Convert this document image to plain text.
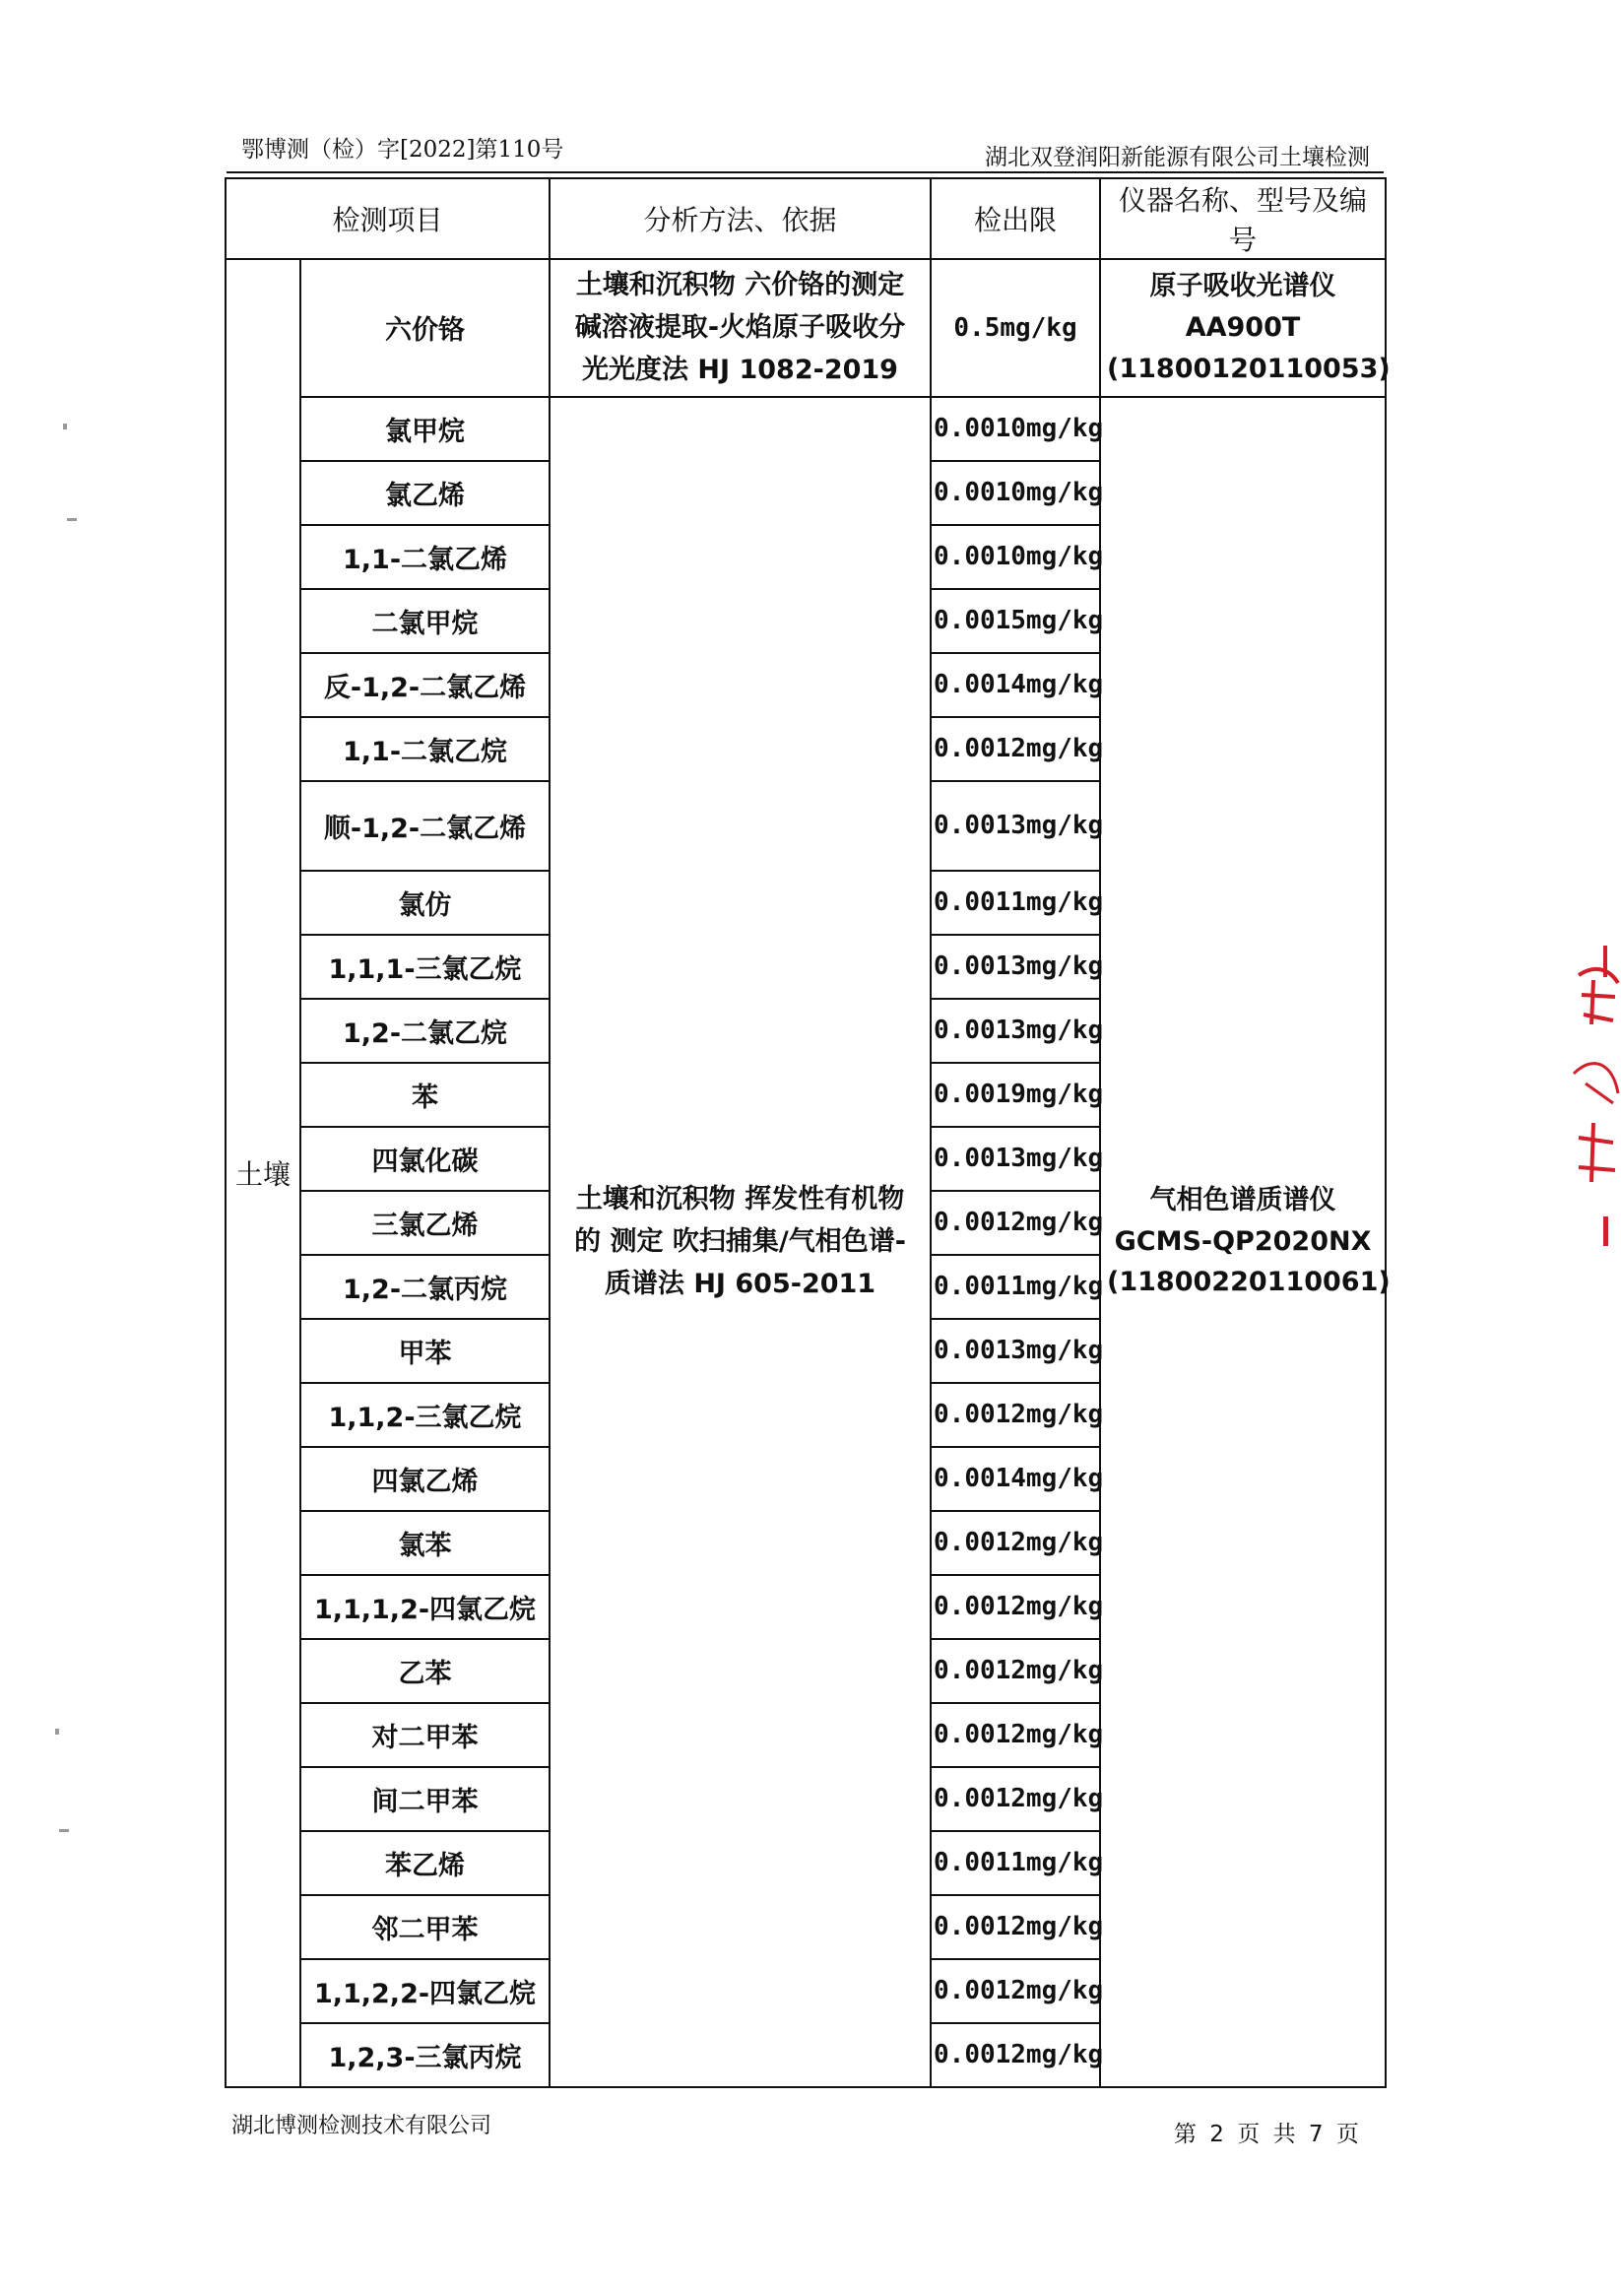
鄂博测（检）字[2022]第110号	湖北双登润阳新能源有限公司土壤检测
检测项目		分析方法、依据	检出限	仪器名称、型号及编号
土壤	六价铬	土壤和沉积物 六价铬的测定 碱溶液提取-火焰原子吸收分光光度法 HJ 1082-2019	0.5mg/kg	原子吸收光谱仪
AA900T
(11800120110053)

	氯甲烷	土壤和沉积物 挥发性有机物的 测定 吹扫捕集/气相色谱-质谱法 HJ 605-2011	0.0010mg/kg	气相色谱质谱仪
GCMS-QP2020NX
(11800220110061)

	氯乙烯		0.0010mg/kg	
	1,1-二氯乙烯		0.0010mg/kg	
	二氯甲烷		0.0015mg/kg	
	反-1,2-二氯乙烯		0.0014mg/kg	
	1,1-二氯乙烷		0.0012mg/kg	
	顺-1,2-二氯乙烯		0.0013mg/kg	
	氯仿		0.0011mg/kg	
	1,1,1-三氯乙烷		0.0013mg/kg	
	1,2-二氯乙烷		0.0013mg/kg	
	苯		0.0019mg/kg	
	四氯化碳		0.0013mg/kg	
	三氯乙烯		0.0012mg/kg	
	1,2-二氯丙烷		0.0011mg/kg	
	甲苯		0.0013mg/kg	
	1,1,2-三氯乙烷		0.0012mg/kg	
	四氯乙烯		0.0014mg/kg	
	氯苯		0.0012mg/kg	
	1,1,1,2-四氯乙烷		0.0012mg/kg	
	乙苯		0.0012mg/kg	
	对二甲苯		0.0012mg/kg	
	间二甲苯		0.0012mg/kg	
	苯乙烯		0.0011mg/kg	
	邻二甲苯		0.0012mg/kg	
	1,1,2,2-四氯乙烷		0.0012mg/kg	
	1,2,3-三氯丙烷		0.0012mg/kg	
湖北博测检测技术有限公司	第 2 页 共 7 页
